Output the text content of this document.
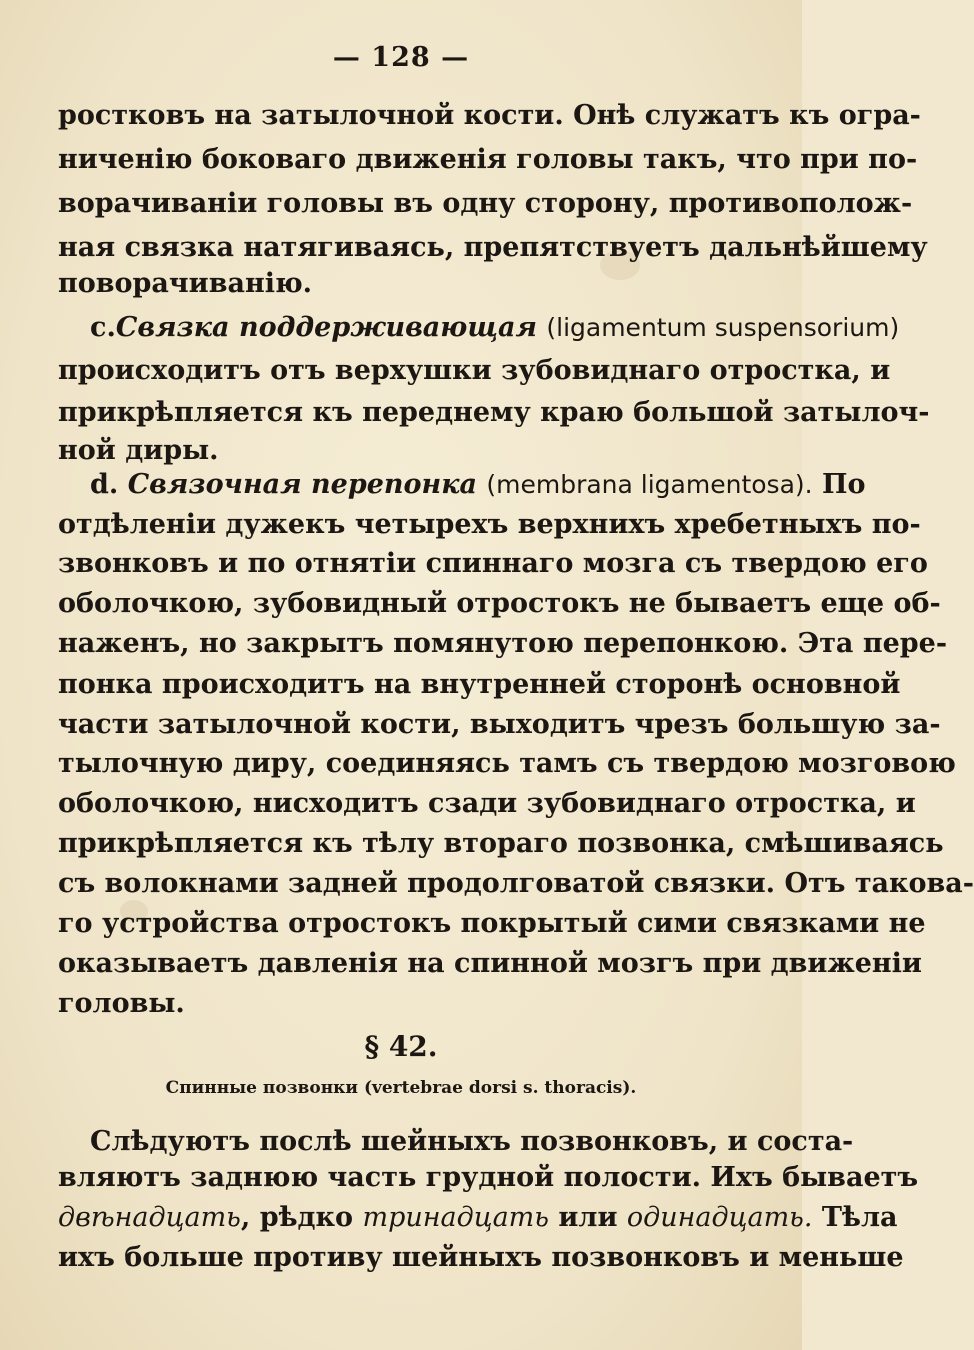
— 128 —
ростковъ на затылочной кости. Онѣ служатъ къ огра-
ниченiю боковаго движенiя головы такъ, что при по-
ворачиванiи головы въ одну сторону, противополож-
ная связка натягиваясь, препятствуетъ дальнѣйшему
поворачиванiю.
c.Связка поддерживающая (ligamentum suspensorium)
происходитъ отъ верхушки зубовиднаго отростка, и
прикрѣпляется къ переднему краю большой затылоч-
ной диры.
d. Связочная перепонка (membrana ligamentosa). По
отдѣленiи дужекъ четырехъ верхнихъ хребетныхъ по-
звонковъ и по отнятiи спиннаго мозга съ твердою его
оболочкою, зубовидный отростокъ не бываетъ еще об-
наженъ, но закрытъ помянутою перепонкою. Эта пере-
понка происходитъ на внутренней сторонѣ основной
части затылочной кости, выходитъ чрезъ большую за-
тылочную диру, соединяясь тамъ съ твердою мозговою
оболочкою, нисходитъ сзади зубовиднаго отростка, и
прикрѣпляется къ тѣлу втораго позвонка, смѣшиваясь
съ волокнами задней продолговатой связки. Отъ такова-
го устройства отростокъ покрытый сими связками не
оказываетъ давленiя на спинной мозгъ при движенiи
головы.
§ 42.
Спинные позвонки (vertebrae dorsi s. thoracis).
Слѣдуютъ послѣ шейныхъ позвонковъ, и соста-
вляютъ заднюю часть грудной полости. Ихъ бываетъ
двѣнадцать, рѣдко тринадцать или одинадцать. Тѣла
ихъ больше противу шейныхъ позвонковъ и меньше
